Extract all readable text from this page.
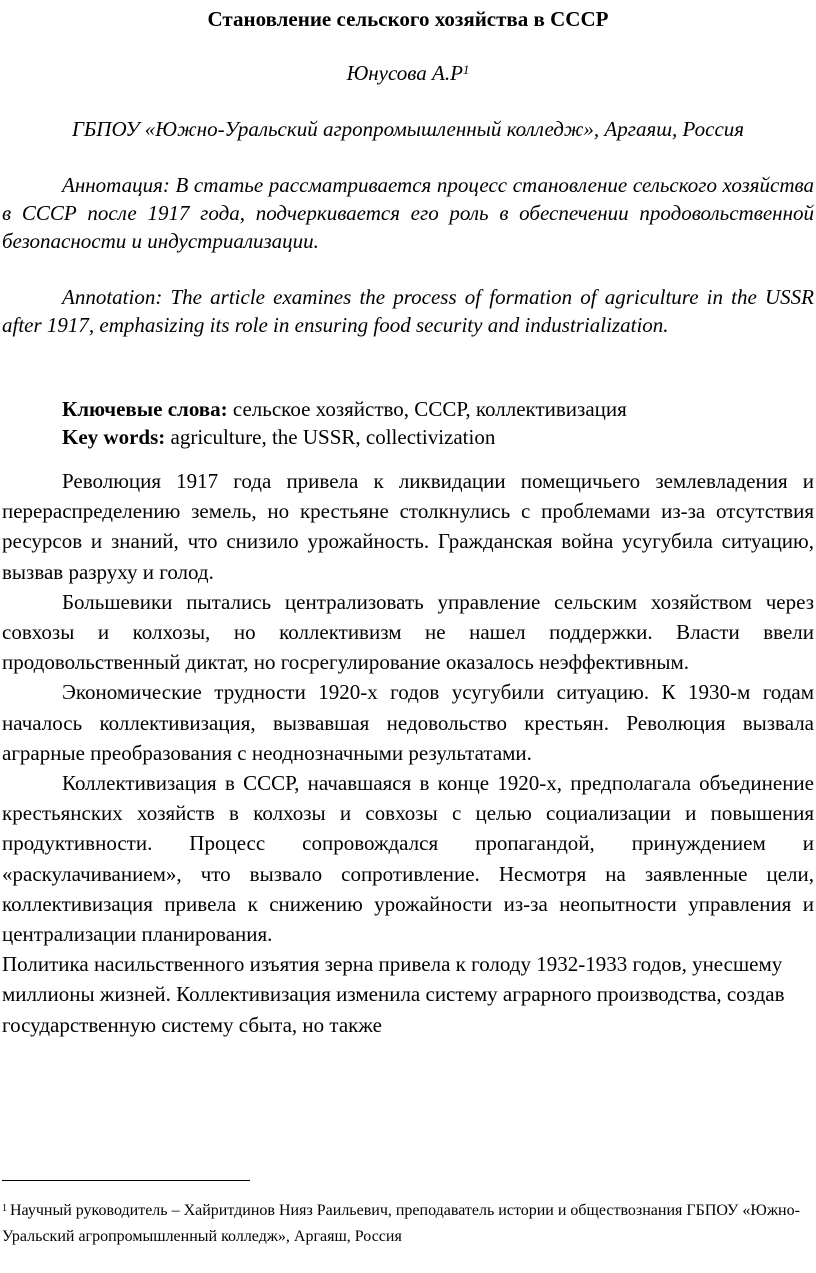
Становление сельского хозяйства в СССР
Юнусова $А.Р^1$
ГБПОУ «Южно-Уральский агропромышленный колледж», Аргаяш, Россия
Аннотация: В статье рассматривается процесс становление сельского хозяйства в СССР после 1917 года, подчеркивается его роль в обеспечении продовольственной безопасности и индустриализации.
Annotation: The article examines the process of formation of agriculture in the USSR after 1917, emphasizing its role in ensuring food security and industrialization.
Ключевые слова: сельское хозяйство, СССР, коллективизация
Key words: agriculture, the USSR, collectivization

Революция 1917 года привела к ликвидации помещичьего землевладения и перераспределению земель, но крестьяне столкнулись с проблемами из-за отсутствия ресурсов и знаний, что снизило урожайность. Гражданская война усугубила ситуацию, вызвав разруху и голод.

Большевики пытались централизовать управление сельским хозяйством через совхозы и колхозы, но коллективизм не нашел поддержки. Власти ввели продовольственный диктат, но госрегулирование оказалось неэффективным.

Экономические трудности 1920-х годов усугубили ситуацию. К 1930-м годам началось коллективизация, вызвавшая недовольство крестьян. Революция вызвала аграрные преобразования с неоднозначными результатами.

Коллективизация в СССР, начавшаяся в конце 1920-х, предполагала объединение крестьянских хозяйств в колхозы и совхозы с целью социализации и повышения продуктивности. Процесс сопровождался пропагандой, принуждением и «раскулачиванием», что вызвало сопротивление. Несмотря на заявленные цели, коллективизация привела к снижению урожайности из-за неопытности управления и централизации планирования.

Политика насильственного изъятия зерна привела к голоду 1932-1933 годов, унесшему миллионы жизней. Коллективизация изменила систему аграрного производства, создав государственную систему сбыта, но также

$^1$ Научный руководитель – Хайритдинов Нияз Раильевич, преподаватель истории и обществознания ГБПОУ «Южно-Уральский агропромышленный колледж», Аргаяш, Россия
